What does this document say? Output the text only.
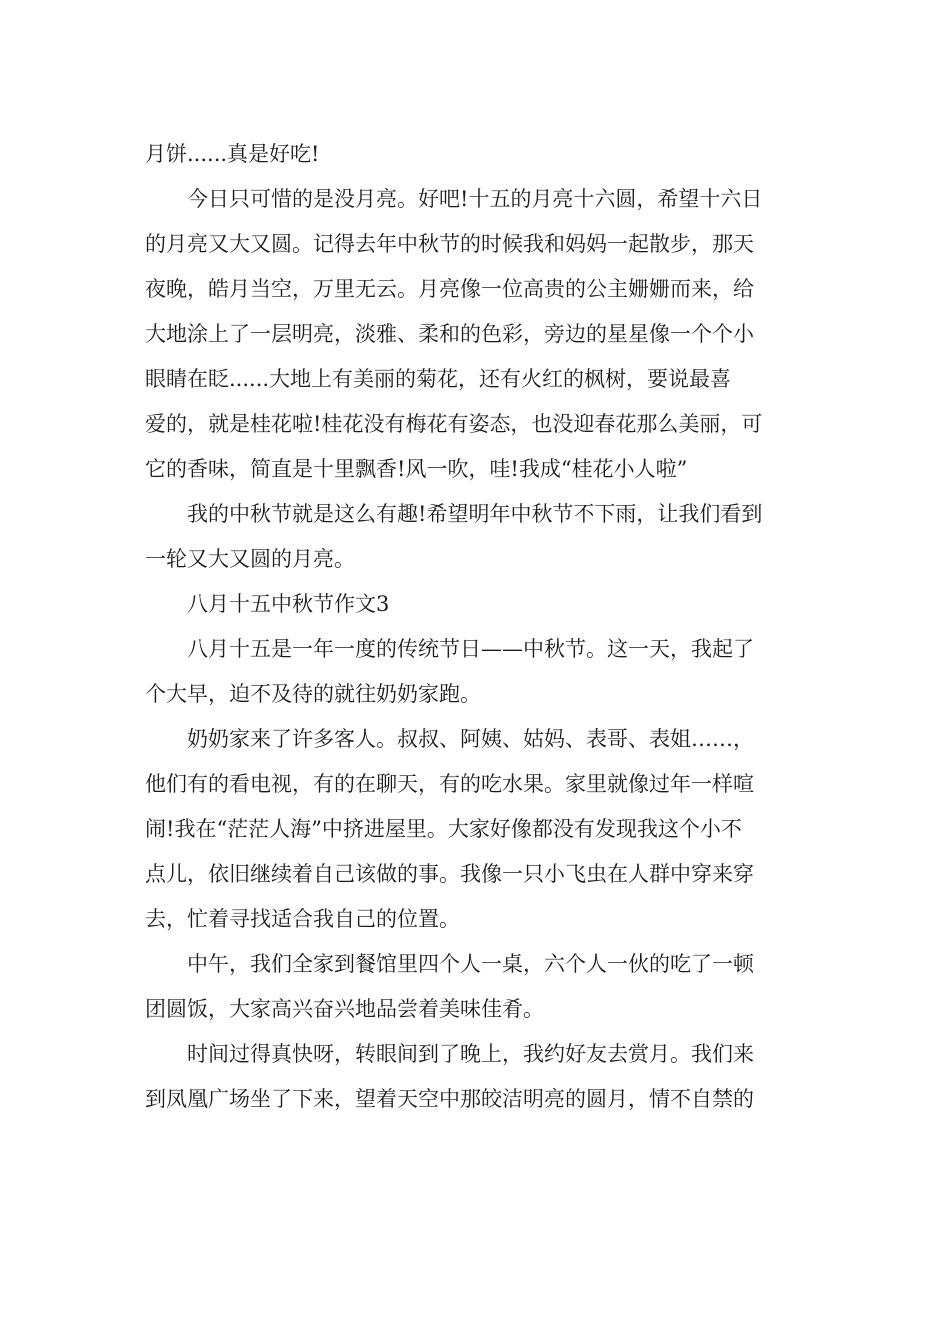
月饼......真是好吃!
今日只可惜的是没月亮。好吧!十五的月亮十六圆，希望十六日
的月亮又大又圆。记得去年中秋节的时候我和妈妈一起散步，那天
夜晚，皓月当空，万里无云。月亮像一位高贵的公主姗姗而来，给
大地涂上了一层明亮，淡雅、柔和的色彩，旁边的星星像一个个小
眼睛在眨......大地上有美丽的菊花，还有火红的枫树，要说最喜
爱的，就是桂花啦!桂花没有梅花有姿态，也没迎春花那么美丽，可
它的香味，简直是十里飘香!风一吹，哇!我成“桂花小人啦”
我的中秋节就是这么有趣!希望明年中秋节不下雨，让我们看到
一轮又大又圆的月亮。
八月十五中秋节作文3
八月十五是一年一度的传统节日——中秋节。这一天，我起了
个大早，迫不及待的就往奶奶家跑。
奶奶家来了许多客人。叔叔、阿姨、姑妈、表哥、表姐……，
他们有的看电视，有的在聊天，有的吃水果。家里就像过年一样喧
闹!我在“茫茫人海”中挤进屋里。大家好像都没有发现我这个小不
点儿，依旧继续着自己该做的事。我像一只小飞虫在人群中穿来穿
去，忙着寻找适合我自己的位置。
中午，我们全家到餐馆里四个人一桌，六个人一伙的吃了一顿
团圆饭，大家高兴奋兴地品尝着美味佳肴。
时间过得真快呀，转眼间到了晚上，我约好友去赏月。我们来
到凤凰广场坐了下来，望着天空中那皎洁明亮的圆月，情不自禁的
